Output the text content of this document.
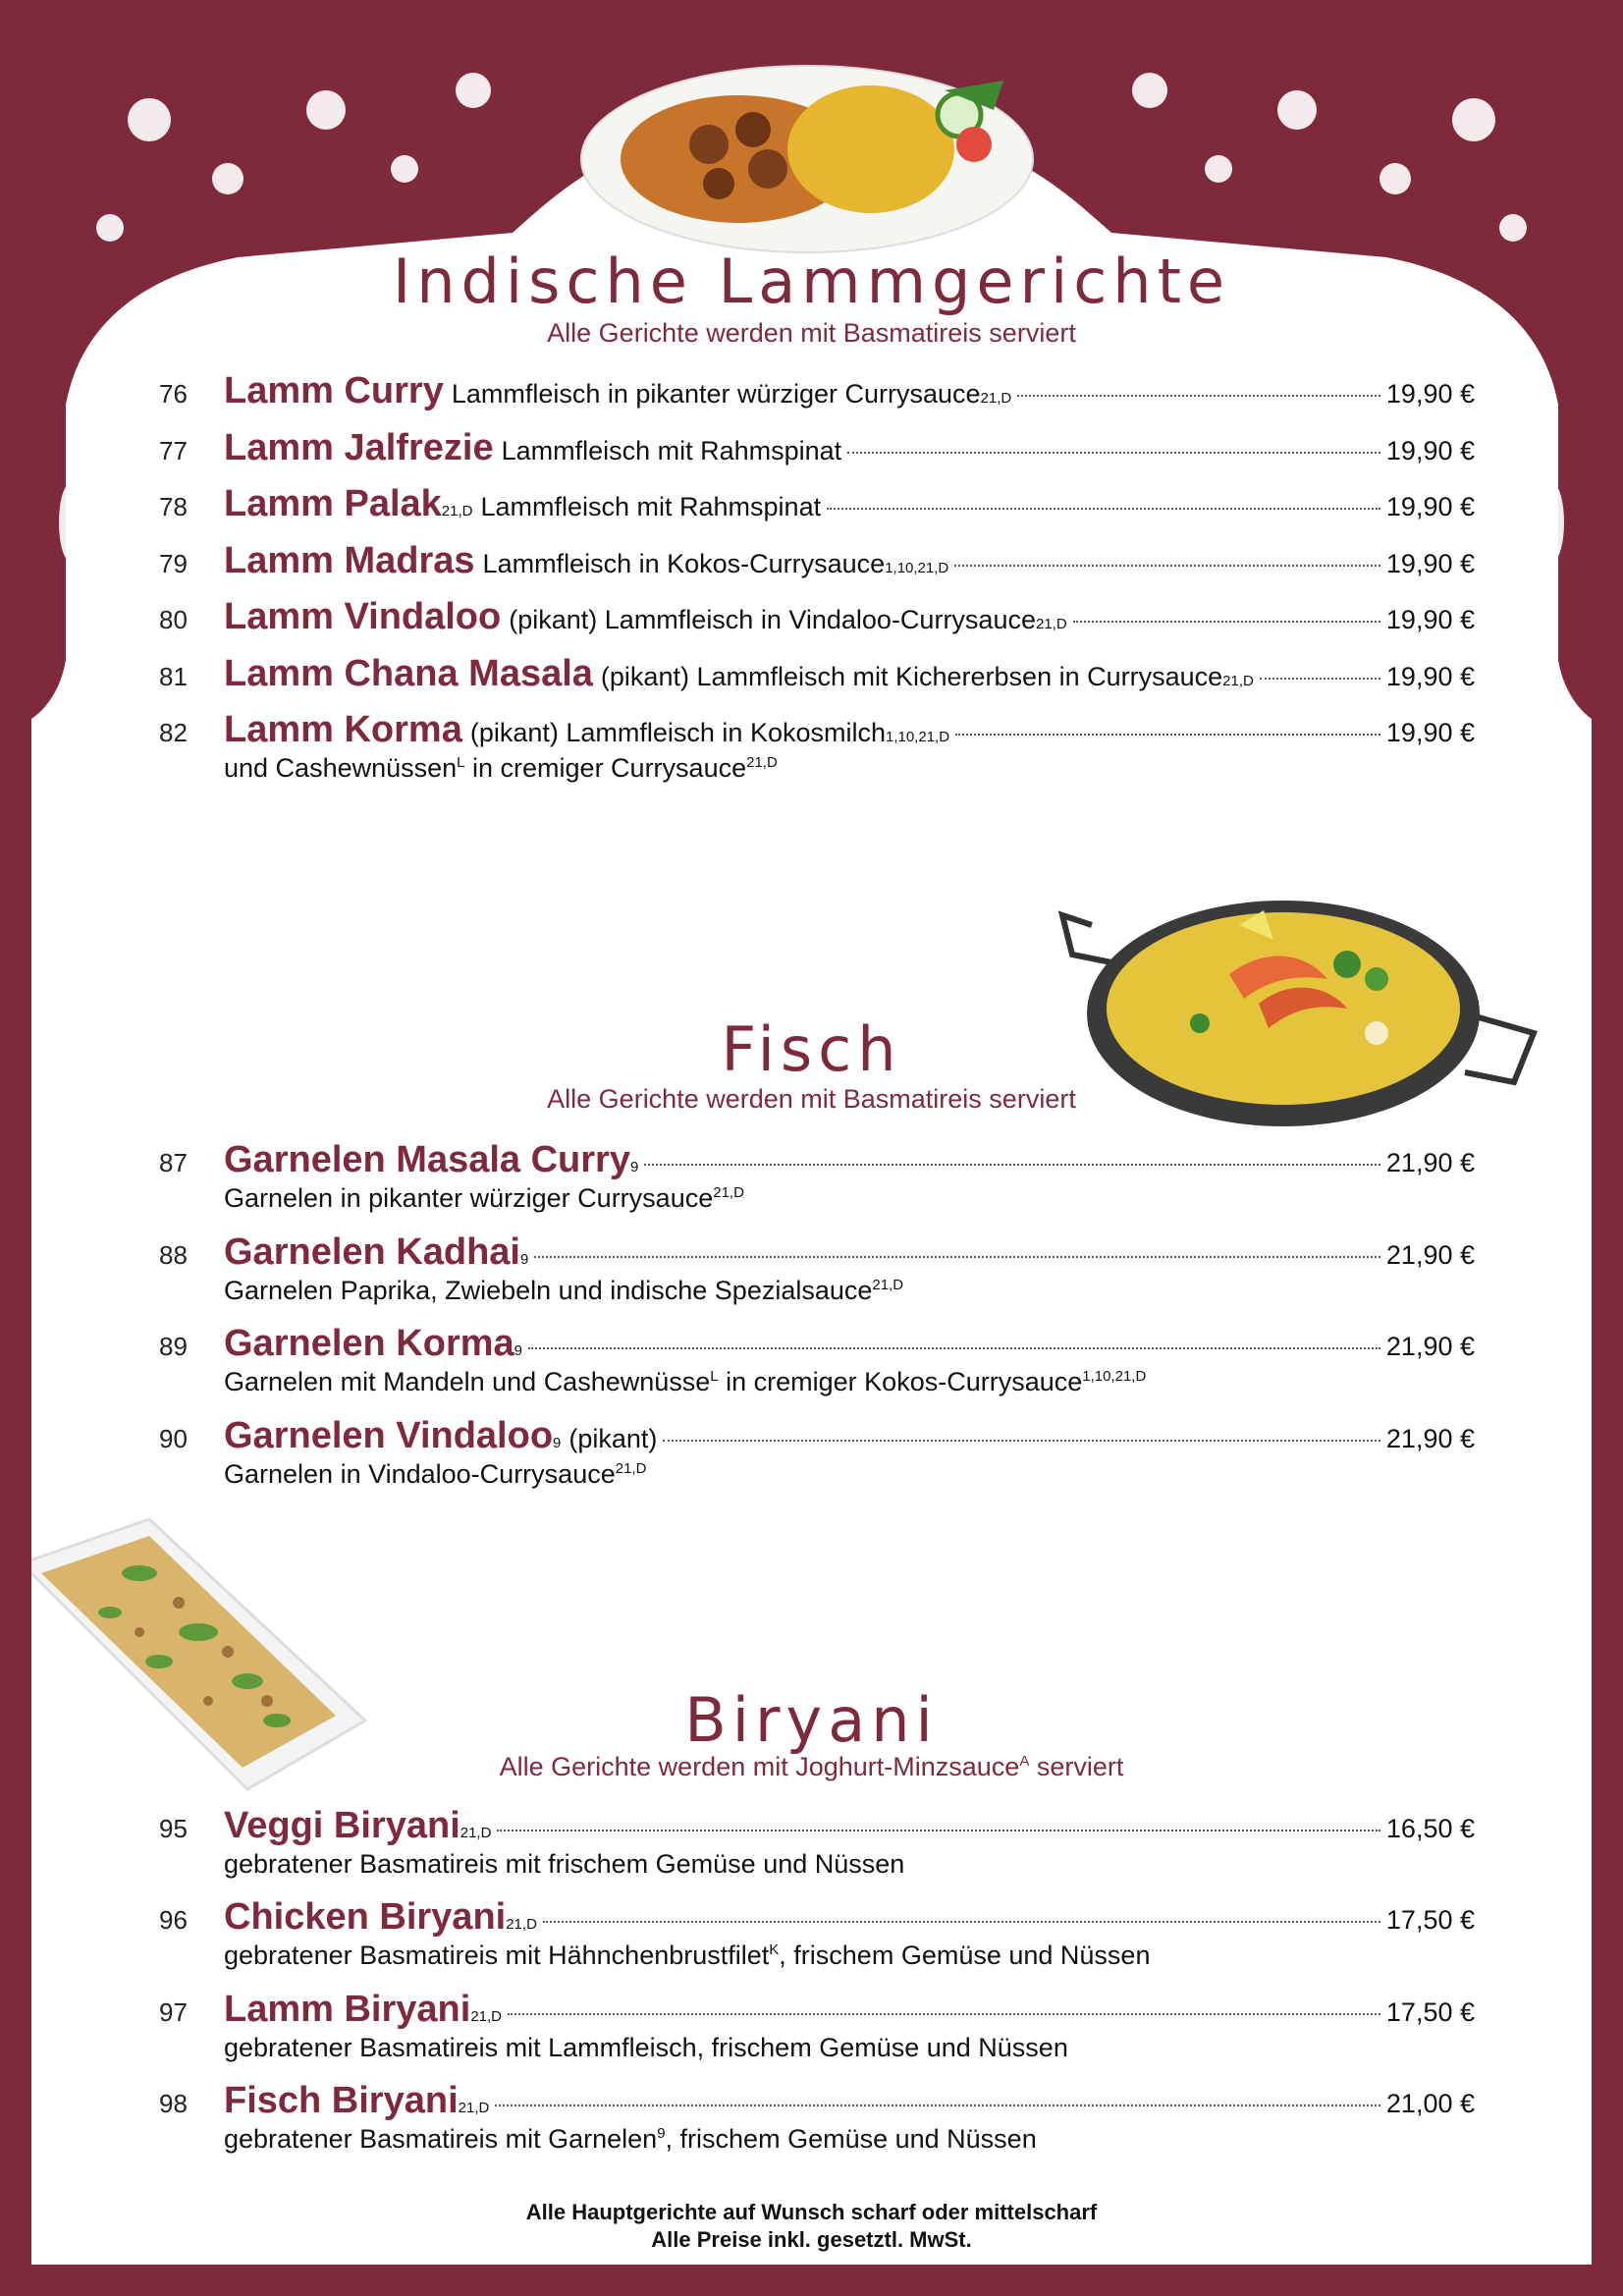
Indische Lammgerichte

Alle Gerichte werden mit Basmatireis serviert

76 Lamm Curry Lammfleisch in pikanter würziger Currysauce 21,D	19,90 €
77 Lamm Jalfrezie Lammfleisch mit Rahmspinat	19,90 €
78 Lamm Palak 21,D Lammfleisch mit Rahmspinat	19,90 €
79 Lamm Madras Lammfleisch in Kokos-Currysauce 1,10,21,D	19,90 €
80 Lamm Vindaloo (pikant) Lammfleisch in Vindaloo-Currysauce 21,D	19,90 €
81 Lamm Chana Masala (pikant) Lammfleisch mit Kichererbsen in Currysauce 21,D	19,90 €
82 Lamm Korma (pikant) Lammfleisch in Kokosmilch 1,10,21,D	19,90 €
und Cashewnüssen$^L$ in cremiger Currysauce$^{21,D}$
Fisch

Alle Gerichte werden mit Basmatireis serviert

87 Garnelen Masala Curry 9	21,90 €
Garnelen in pikanter würziger Currysauce$^{21,D}$
88 Garnelen Kadhai 9	21,90 €
Garnelen Paprika, Zwiebeln und indische Spezialsauce$^{21,D}$
89 Garnelen Korma 9	21,90 €
Garnelen mit Mandeln und Cashewnüsse$^L$ in cremiger Kokos-Currysauce$^{1,10,21,D}$
90 Garnelen Vindaloo 9 (pikant)	21,90 €
Garnelen in Vindaloo-Currysauce$^{21,D}$
Biryani

Alle Gerichte werden mit Joghurt-Minzsauce$^A$ serviert

95 Veggi Biryani 21,D	16,50 €
gebratener Basmatireis mit frischem Gemüse und Nüssen
96 Chicken Biryani 21,D	17,50 €
gebratener Basmatireis mit Hähnchenbrustfilet$^K$, frischem Gemüse und Nüssen
97 Lamm Biryani 21,D	17,50 €
gebratener Basmatireis mit Lammfleisch, frischem Gemüse und Nüssen
98 Fisch Biryani 21,D	21,00 €
gebratener Basmatireis mit Garnelen$^9$, frischem Gemüse und Nüssen
Alle Hauptgerichte auf Wunsch scharf oder mittelscharf
Alle Preise inkl. gesetztl. MwSt.
